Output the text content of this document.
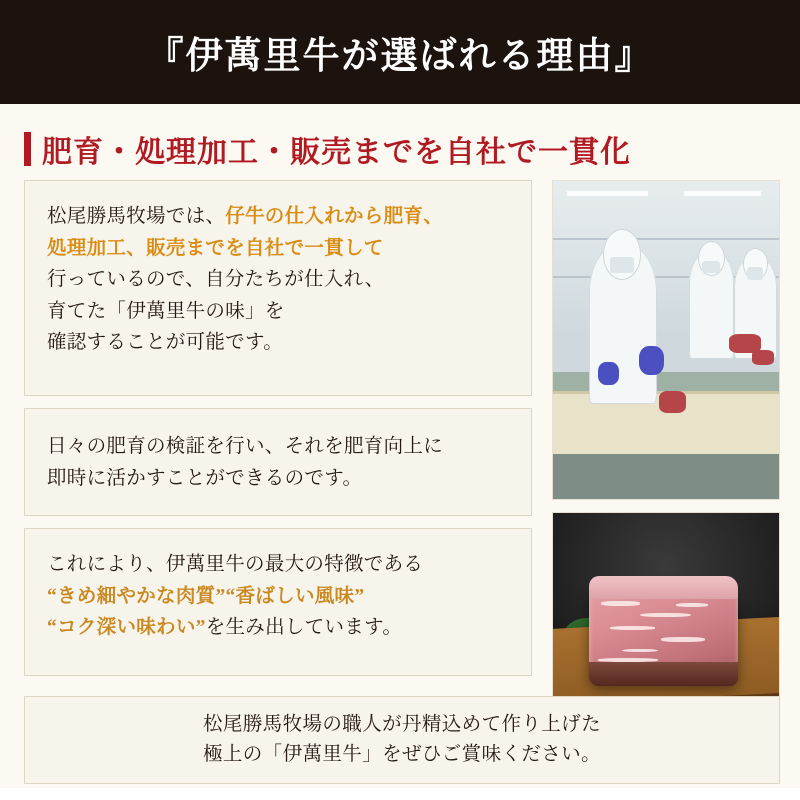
『伊萬里牛が選ばれる理由』
肥育・処理加工・販売までを自社で一貫化

松尾勝馬牧場では、仔牛の仕入れから肥育、

処理加工、販売までを自社で一貫して

行っているので、自分たちが仕入れ、

育てた「伊萬里牛の味」を

確認することが可能です。

日々の肥育の検証を行い、それを肥育向上に

即時に活かすことができるのです。

これにより、伊萬里牛の最大の特徴である

“きめ細やかな肉質”“香ばしい風味”

“コク深い味わい”を生み出しています。

松尾勝馬牧場の職人が丹精込めて作り上げた

極上の「伊萬里牛」をぜひご賞味ください。
